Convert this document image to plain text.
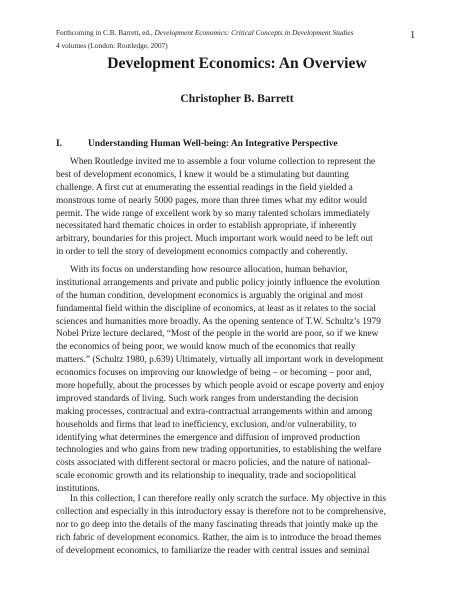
Forthcoming in C.B. Barrett, ed., Development Economics: Critical Concepts in Development Studies
4 volumes (London: Routledge, 2007)
1
Development Economics: An Overview
Christopher B. Barrett
I.	Understanding Human Well-being: An Integrative Perspective
When Routledge invited me to assemble a four volume collection to represent the
best of development economics, I knew it would be a stimulating but daunting
challenge. A first cut at enumerating the essential readings in the field yielded a
monstrous tome of nearly 5000 pages, more than three times what my editor would
permit. The wide range of excellent work by so many talented scholars immediately
necessitated hard thematic choices in order to establish appropriate, if inherently
arbitrary, boundaries for this project. Much important work would need to be left out
in order to tell the story of development economics compactly and coherently.
With its focus on understanding how resource allocation, human behavior,
institutional arrangements and private and public policy jointly influence the evolution
of the human condition, development economics is arguably the original and most
fundamental field within the discipline of economics, at least as it relates to the social
sciences and humanities more broadly. As the opening sentence of T.W. Schultz’s 1979
Nobel Prize lecture declared, “Most of the people in the world are poor, so if we knew
the economics of being poor, we would know much of the economics that really
matters.” (Schultz 1980, p.639) Ultimately, virtually all important work in development
economics focuses on improving our knowledge of being – or becoming – poor and,
more hopefully, about the processes by which people avoid or escape poverty and enjoy
improved standards of living. Such work ranges from understanding the decision
making processes, contractual and extra-contractual arrangements within and among
households and firms that lead to inefficiency, exclusion, and/or vulnerability, to
identifying what determines the emergence and diffusion of improved production
technologies and who gains from new trading opportunities, to establishing the welfare
costs associated with different sectoral or macro policies, and the nature of national-
scale economic growth and its relationship to inequality, trade and sociopolitical
institutions.
In this collection, I can therefore really only scratch the surface. My objective in this
collection and especially in this introductory essay is therefore not to be comprehensive,
nor to go deep into the details of the many fascinating threads that jointly make up the
rich fabric of development economics. Rather, the aim is to introduce the broad themes
of development economics, to familiarize the reader with central issues and seminal
